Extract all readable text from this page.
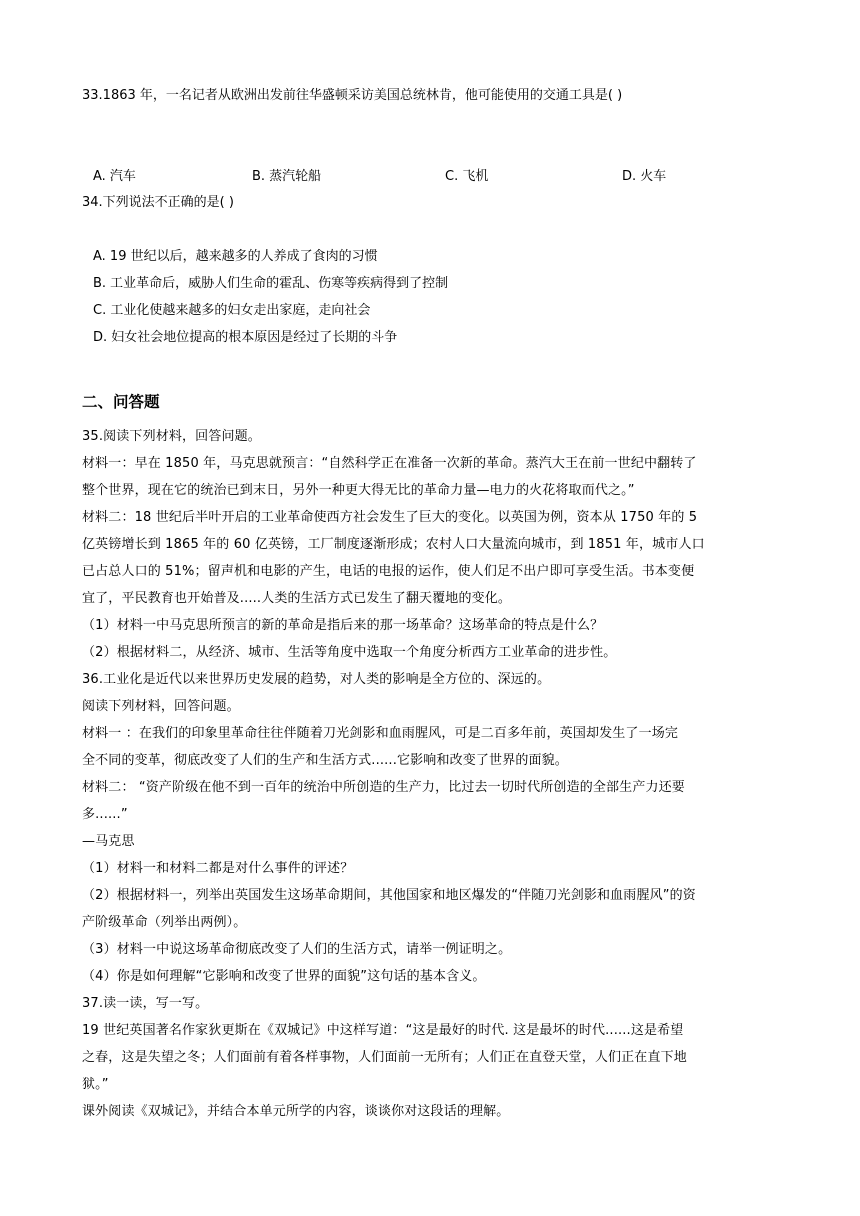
33.1863 年，一名记者从欧洲出发前往华盛顿采访美国总统林肯，他可能使用的交通工具是( )
A. 汽车	B. 蒸汽轮船	C. 飞机	D. 火车
34.下列说法不正确的是( )
A. 19 世纪以后，越来越多的人养成了食肉的习惯
B. 工业革命后，威胁人们生命的霍乱、伤寒等疾病得到了控制
C. 工业化使越来越多的妇女走出家庭，走向社会
D. 妇女社会地位提高的根本原因是经过了长期的斗争
二、问答题
35.阅读下列材料，回答问题。
材料一：早在 1850 年，马克思就预言：“自然科学正在准备一次新的革命。蒸汽大王在前一世纪中翻转了
整个世界，现在它的统治已到末日，另外一种更大得无比的革命力量—电力的火花将取而代之。”
材料二：18 世纪后半叶开启的工业革命使西方社会发生了巨大的变化。以英国为例，资本从 1750 年的 5
亿英镑增长到 1865 年的 60 亿英镑，工厂制度逐渐形成；农村人口大量流向城市，到 1851 年，城市人口
已占总人口的 51%；留声机和电影的产生，电话的电报的运作，使人们足不出户即可享受生活。书本变便
宜了，平民教育也开始普及.....人类的生活方式已发生了翻天覆地的变化。
（1）材料一中马克思所预言的新的革命是指后来的那一场革命？这场革命的特点是什么？
（2）根据材料二，从经济、城市、生活等角度中选取一个角度分析西方工业革命的进步性。
36.工业化是近代以来世界历史发展的趋势，对人类的影响是全方位的、深远的。
阅读下列材料，回答问题。
材料一 ：在我们的印象里革命往往伴随着刀光剑影和血雨腥风，可是二百多年前，英国却发生了一场完
全不同的变革，彻底改变了人们的生产和生活方式......它影响和改变了世界的面貌。
材料二： “资产阶级在他不到一百年的统治中所创造的生产力，比过去一切时代所创造的全部生产力还要
多......”
—马克思
（1）材料一和材料二都是对什么事件的评述？
（2）根据材料一，列举出英国发生这场革命期间，其他国家和地区爆发的“伴随刀光剑影和血雨腥风”的资
产阶级革命（列举出两例）。
（3）材料一中说这场革命彻底改变了人们的生活方式，请举一例证明之。
（4）你是如何理解“它影响和改变了世界的面貌”这句话的基本含义。
37.读一读，写一写。
19 世纪英国著名作家狄更斯在《双城记》中这样写道：“这是最好的时代. 这是最坏的时代......这是希望
之春，这是失望之冬；人们面前有着各样事物，人们面前一无所有；人们正在直登天堂，人们正在直下地
狱。”
课外阅读《双城记》，并结合本单元所学的内容，谈谈你对这段话的理解。
